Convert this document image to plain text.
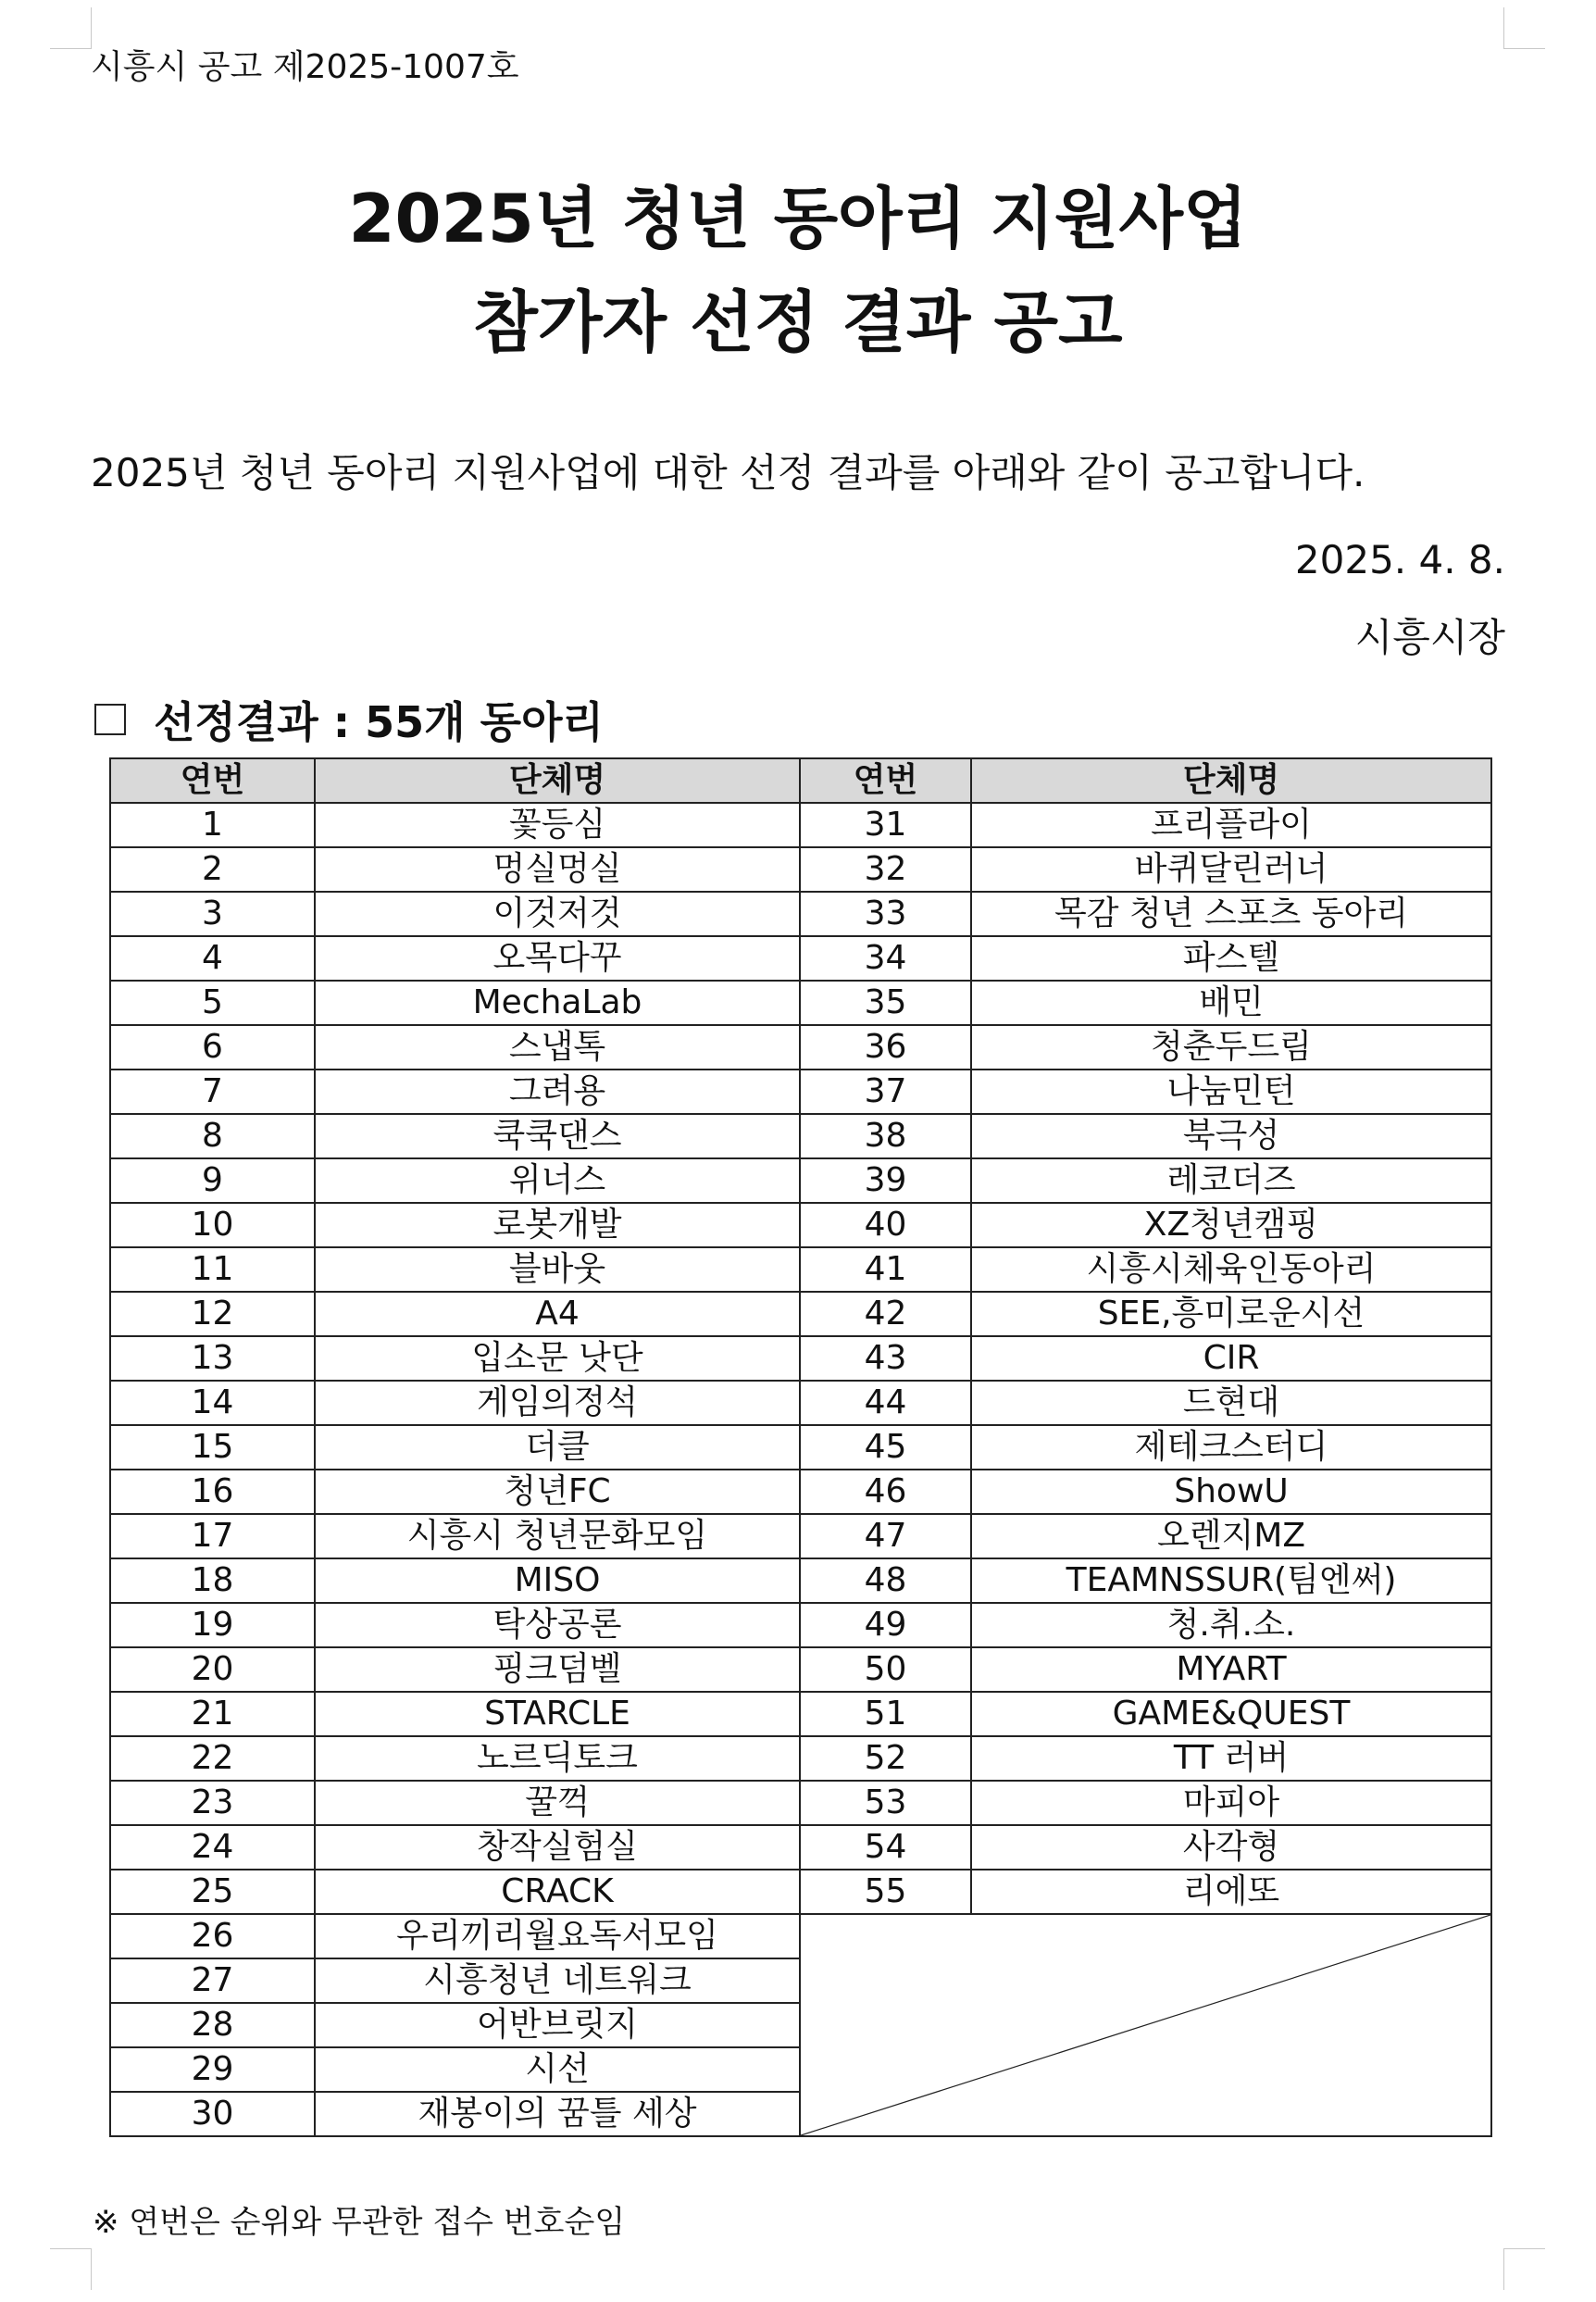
시흥시 공고 제2025-1007호
2025년 청년 동아리 지원사업
참가자 선정 결과 공고
2025년 청년 동아리 지원사업에 대한 선정 결과를 아래와 같이 공고합니다.
2025. 4. 8.
시흥시장
선정결과 : 55개 동아리
연번	단체명	연번	단체명
1	꽃등심	31	프리플라이
2	멍실멍실	32	바퀴달린러너
3	이것저것	33	목감 청년 스포츠 동아리
4	오목다꾸	34	파스텔
5	MechaLab	35	배민
6	스냅톡	36	청춘두드림
7	그려용	37	나눔민턴
8	쿡쿡댄스	38	북극성
9	위너스	39	레코더즈
10	로봇개발	40	XZ청년캠핑
11	블바웃	41	시흥시체육인동아리
12	A4	42	SEE,흥미로운시선
13	입소문 낫단	43	CIR
14	게임의정석	44	드현대
15	더클	45	제테크스터디
16	청년FC	46	ShowU
17	시흥시 청년문화모임	47	오렌지MZ
18	MISO	48	TEAMNSSUR(팀엔써)
19	탁상공론	49	청.취.소.
20	핑크덤벨	50	MYART
21	STARCLE	51	GAME&QUEST
22	노르딕토크	52	TT 러버
23	꿀꺽	53	마피아
24	창작실험실	54	사각형
25	CRACK	55	리에또
26	우리끼리월요독서모임	

27	시흥청년 네트워크		
28	어반브릿지		
29	시선		
30	재봉이의 꿈틀 세상		
※ 연번은 순위와 무관한 접수 번호순임
